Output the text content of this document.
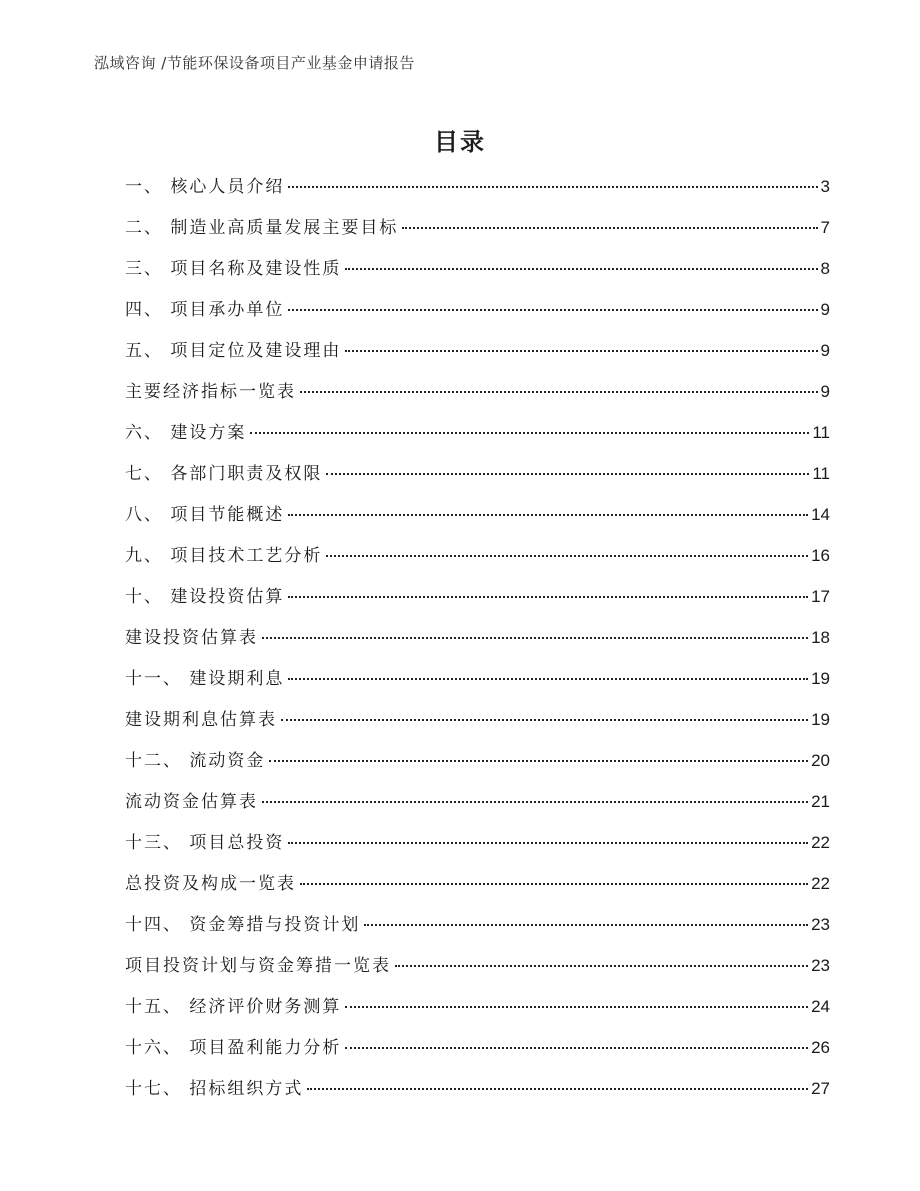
泓域咨询 /节能环保设备项目产业基金申请报告
目录
一、 核心人员介绍	3
二、 制造业高质量发展主要目标	7
三、 项目名称及建设性质	8
四、 项目承办单位	9
五、 项目定位及建设理由	9
主要经济指标一览表	9
六、 建设方案	11
七、 各部门职责及权限	11
八、 项目节能概述	14
九、 项目技术工艺分析	16
十、 建设投资估算	17
建设投资估算表	18
十一、 建设期利息	19
建设期利息估算表	19
十二、 流动资金	20
流动资金估算表	21
十三、 项目总投资	22
总投资及构成一览表	22
十四、 资金筹措与投资计划	23
项目投资计划与资金筹措一览表	23
十五、 经济评价财务测算	24
十六、 项目盈利能力分析	26
十七、 招标组织方式	27
